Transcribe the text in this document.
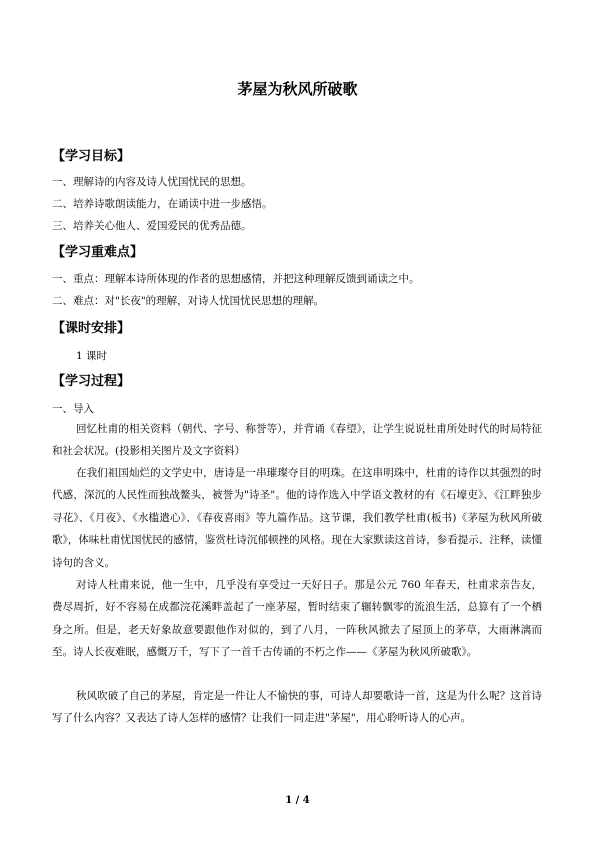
茅屋为秋风所破歌
【学习目标】
一、理解诗的内容及诗人忧国忧民的思想。
二、培养诗歌朗读能力，在诵读中进一步感悟。
三、培养关心他人、爱国爱民的优秀品德。
【学习重难点】
一、重点：理解本诗所体现的作者的思想感情，并把这种理解反馈到诵读之中。
二、难点：对"长夜"的理解，对诗人忧国忧民思想的理解。
【课时安排】
1 课时
【学习过程】
一、导入

回忆杜甫的相关资料（朝代、字号、称誉等），并背诵《春望》，让学生说说杜甫所处时代的时局特征和社会状况。(投影相关图片及文字资料）

在我们祖国灿烂的文学史中，唐诗是一串璀璨夺目的明珠。在这串明珠中，杜甫的诗作以其强烈的时代感，深沉的人民性而独战鳌头，被誉为"诗圣"。他的诗作选入中学语文教材的有《石壕吏》、《江畔独步寻花》、《月夜》、《水槛遣心》、《春夜喜雨》等九篇作品。这节课，我们教学杜甫(板书)《茅屋为秋风所破歌》，体味杜甫忧国忧民的感情，鉴赏杜诗沉郁顿挫的风格。现在大家默读这首诗，参看提示、注释，读懂诗句的含义。

对诗人杜甫来说，他一生中，几乎没有享受过一天好日子。那是公元 760 年春天，杜甫求亲告友，费尽周折，好不容易在成都浣花溪畔盖起了一座茅屋，暂时结束了辗转飘零的流浪生活，总算有了一个栖身之所。但是，老天好象故意要跟他作对似的，到了八月，一阵秋风掀去了屋顶上的茅草，大雨淋漓而至。诗人长夜难眠，感慨万千，写下了一首千古传诵的不朽之作——《茅屋为秋风所破歌》。

秋风吹破了自己的茅屋，肯定是一件让人不愉快的事，可诗人却要歌诗一首，这是为什么呢？这首诗写了什么内容？又表达了诗人怎样的感情？让我们一同走进"茅屋"，用心聆听诗人的心声。

1 / 4
